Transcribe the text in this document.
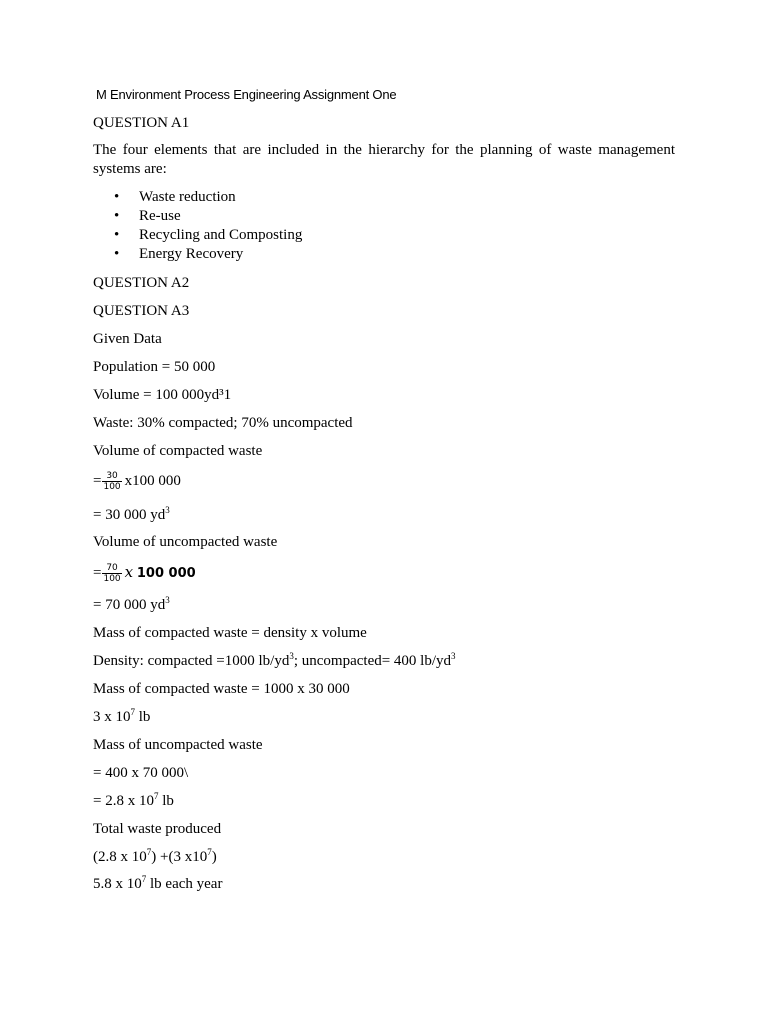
M Environment Process Engineering Assignment One
QUESTION A1
The four elements that are included in the hierarchy for the planning of waste management systems are:
• Waste reduction
• Re-use
• Recycling and Composting
• Energy Recovery
QUESTION A2
QUESTION A3
Given Data
Population = 50 000
Volume = 100 000yd³1
Waste: 30% compacted; 70% uncompacted
Volume of compacted waste
= $\frac{30}{100} x100$ 000
= 30 000 $yd^3$
Volume of uncompacted waste
= $\frac{70}{100}$ x 100 000
= 70 000 $yd^3$
Mass of compacted waste = density x volume
Density: compacted =1000 $lb/yd^3$; uncompacted= 400 $lb/yd^3$
Mass of compacted waste = 1000 x 30 000
3 x $10^7$ lb
Mass of uncompacted waste
= 400 x 70 000\
= 2.8 x $10^7$ lb
Total waste produced
(2.8 x $10^7) +(3$ $x10^7$)
5.8 x $10^7$ lb each year
